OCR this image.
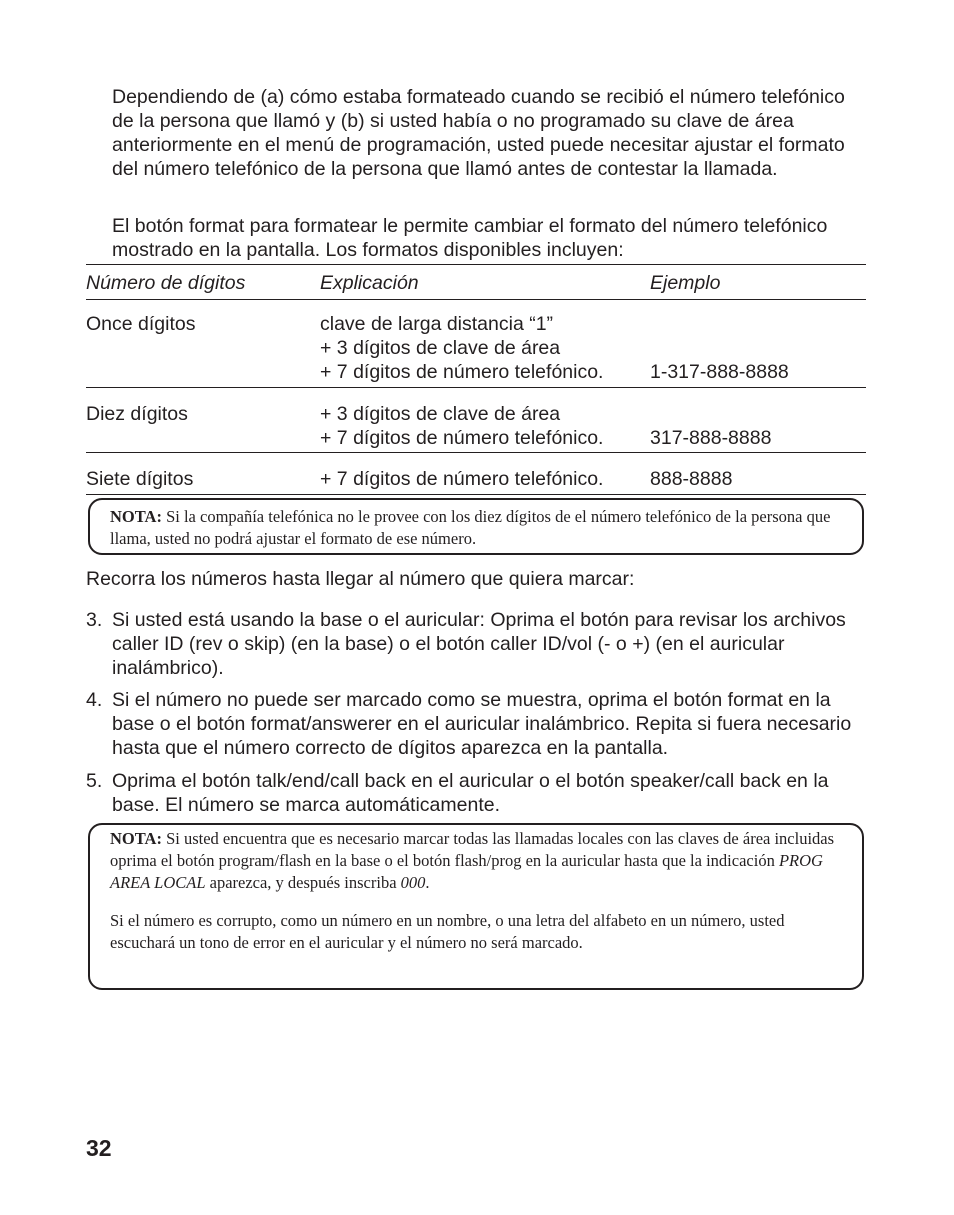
Dependiendo de (a) cómo estaba formateado cuando se recibió el número telefónico de la persona que llamó y (b) si usted había o no programado su clave de área anteriormente en el menú de programación, usted puede necesitar ajustar el formato del número telefónico de la persona que llamó antes de contestar la llamada.

El botón format para formatear le permite cambiar el formato del número telefónico mostrado en la pantalla. Los formatos disponibles incluyen:

Número de dígitos	Explicación	Ejemplo
Once dígitos	clave de larga distancia “1”
+ 3 dígitos de clave de área
+ 7 dígitos de número telefónico. 1-317-888-8888
Diez dígitos	+ 3 dígitos de clave de área
+ 7 dígitos de número telefónico. 317-888-8888
Siete dígitos	+ 7 dígitos de número telefónico. 888-8888

NOTA: Si la compañía telefónica no le provee con los diez dígitos de el número telefónico de la persona que llama, usted no podrá ajustar el formato de ese número.

Recorra los números hasta llegar al número que quiera marcar:

3. Si usted está usando la base o el auricular: Oprima el botón para revisar los archivos caller ID (rev o skip) (en la base) o el botón caller ID/vol (- o +) (en el auricular inalámbrico).
4. Si el número no puede ser marcado como se muestra, oprima el botón format en la base o el botón format/answerer en el auricular inalámbrico. Repita si fuera necesario hasta que el número correcto de dígitos aparezca en la pantalla.
5. Oprima el botón talk/end/call back en el auricular o el botón speaker/call back en la base. El número se marca automáticamente.

NOTA: Si usted encuentra que es necesario marcar todas las llamadas locales con las claves de área incluidas oprima el botón program/flash en la base o el botón flash/prog en la auricular hasta que la indicación PROG AREA LOCAL aparezca, y después inscriba 000.

Si el número es corrupto, como un número en un nombre, o una letra del alfabeto en un número, usted escuchará un tono de error en el auricular y el número no será marcado.

32
